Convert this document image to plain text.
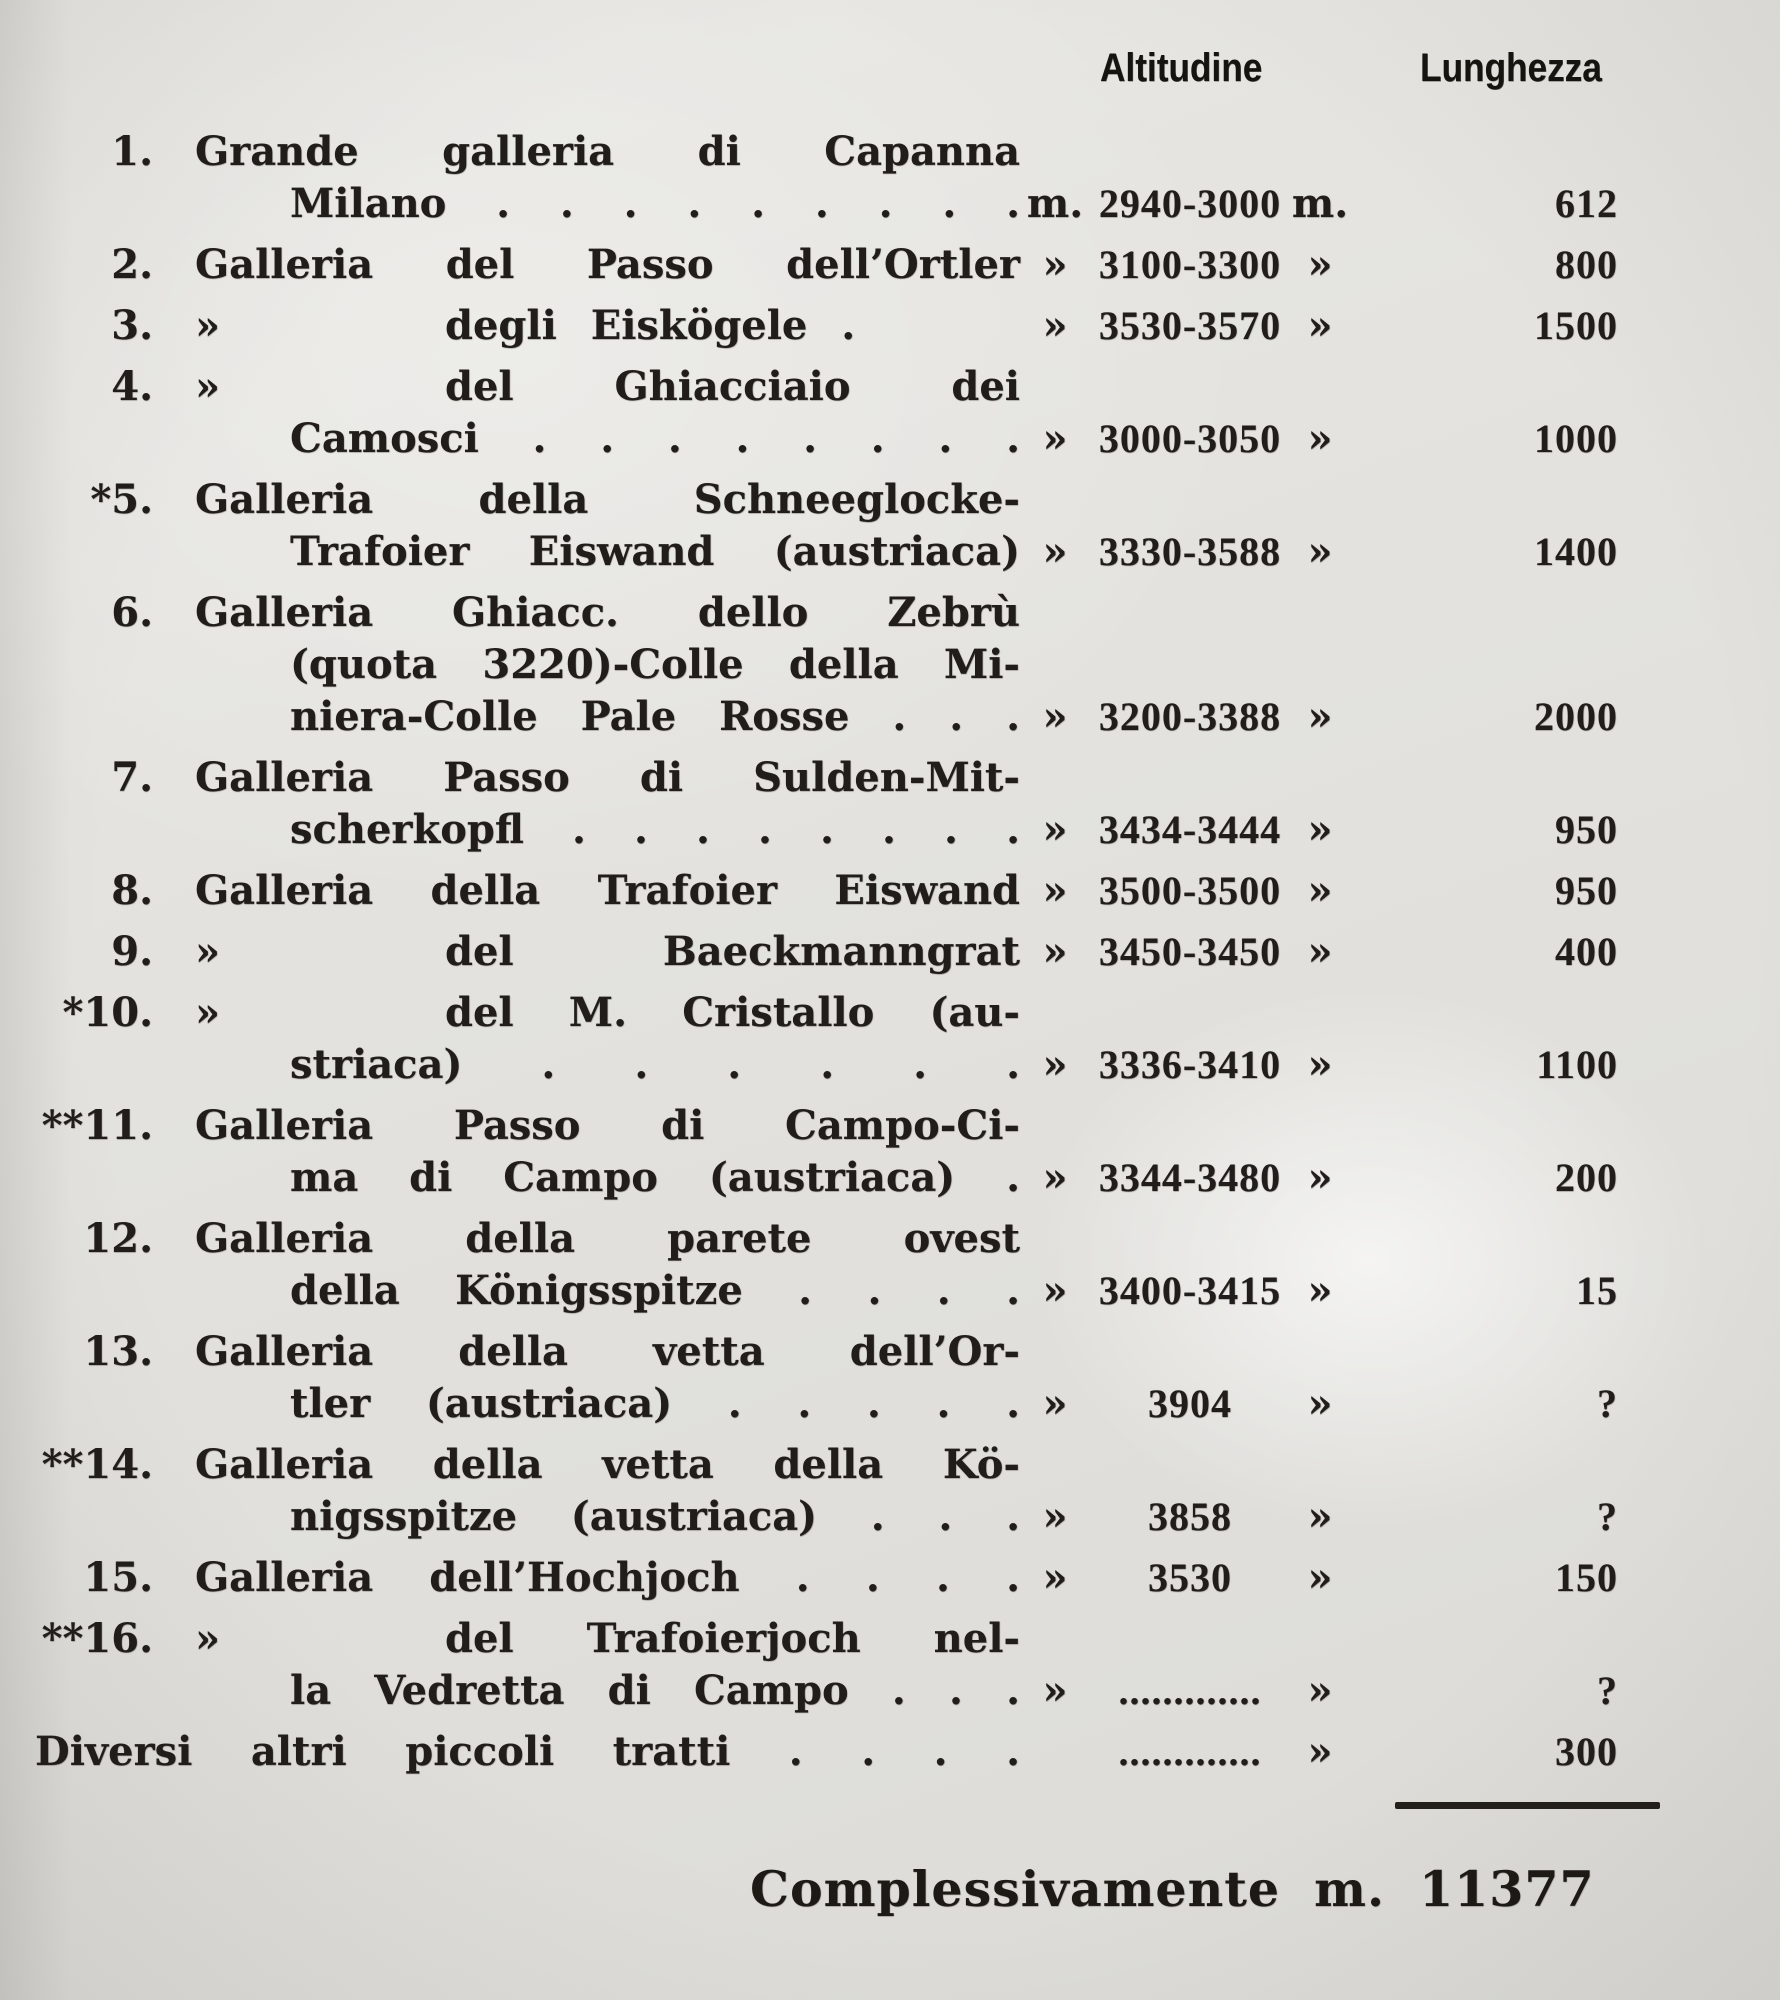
Altitudine	Lunghezza
1.	Grande galleria di Capanna
Milano . . . . . . . . . m. 2940-3000 m.	612
2.	Galleria del Passo dell’Ortler » 3100-3300 »	800
3.	»	degli Eiskögele .	» 3530-3570 »	1500
4.	»	del Ghiacciaio dei
Camosci . . . . . . . . » 3000-3050 »	1000
*5.	Galleria della Schneeglocke-
Trafoier Eiswand (austriaca) » 3330-3588 »	1400
6.	Galleria Ghiacc. dello Zebrù
(quota 3220)-Colle della Mi-
niera-Colle Pale Rosse . . . » 3200-3388 »	2000
7.	Galleria Passo di Sulden-Mit-
scherkopfl . . . . . . . . » 3434-3444 »	950
8.	Galleria della Trafoier Eiswand » 3500-3500 »	950
9.	»	del Baeckmanngrat » 3450-3450 »	400
*10.	»	del M. Cristallo (au-
striaca) . . . . . . » 3336-3410 »	1100
**11.	Galleria Passo di Campo-Ci-
ma di Campo (austriaca) . » 3344-3480 »	200
12.	Galleria della parete ovest
della Königsspitze . . . . » 3400-3415 »	15
13.	Galleria della vetta dell’Or-
tler (austriaca) . . . . . »	3904	»	?
**14.	Galleria della vetta della Kö-
nigsspitze (austriaca) . . . »	3858	»	?
15.	Galleria dell’Hochjoch . . . . »	3530	»	150
**16.	»	del Trafoierjoch nel-
la Vedretta di Campo . . . »	.............	»	?
Diversi altri piccoli tratti . . . .	.............	»	300
Complessivamente m. 11377
